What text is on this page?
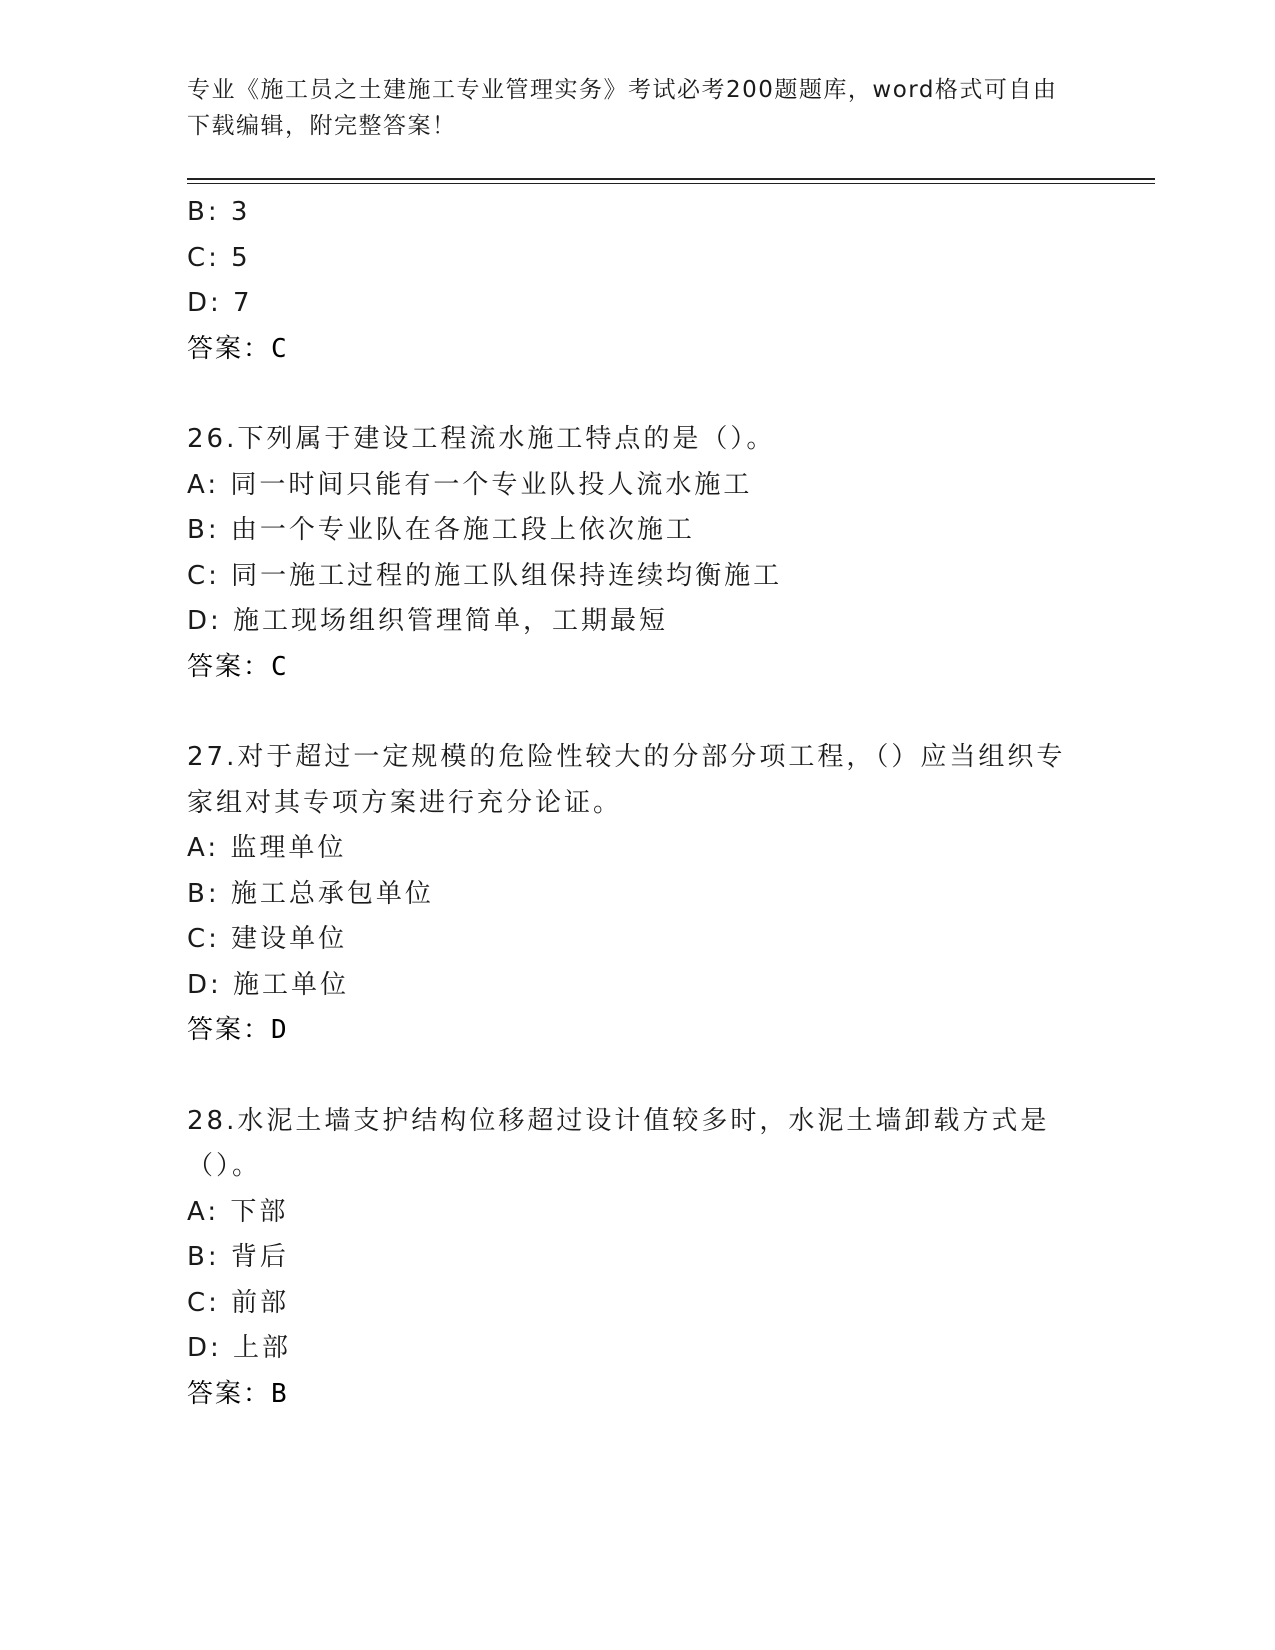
专业《施工员之土建施工专业管理实务》考试必考200题题库，word格式可自由
下载编辑，附完整答案！
B: 3
C: 5
D: 7
答案：C
26.下列属于建设工程流水施工特点的是（）。
A: 同一时间只能有一个专业队投人流水施工
B: 由一个专业队在各施工段上依次施工
C: 同一施工过程的施工队组保持连续均衡施工
D: 施工现场组织管理简单，工期最短
答案：C
27.对于超过一定规模的危险性较大的分部分项工程，（）应当组织专家组对其专项方案进行充分论证。
A: 监理单位
B: 施工总承包单位
C: 建设单位
D: 施工单位
答案：D
28.水泥土墙支护结构位移超过设计值较多时，水泥土墙卸载方式是（）。
A: 下部
B: 背后
C: 前部
D: 上部
答案：B
